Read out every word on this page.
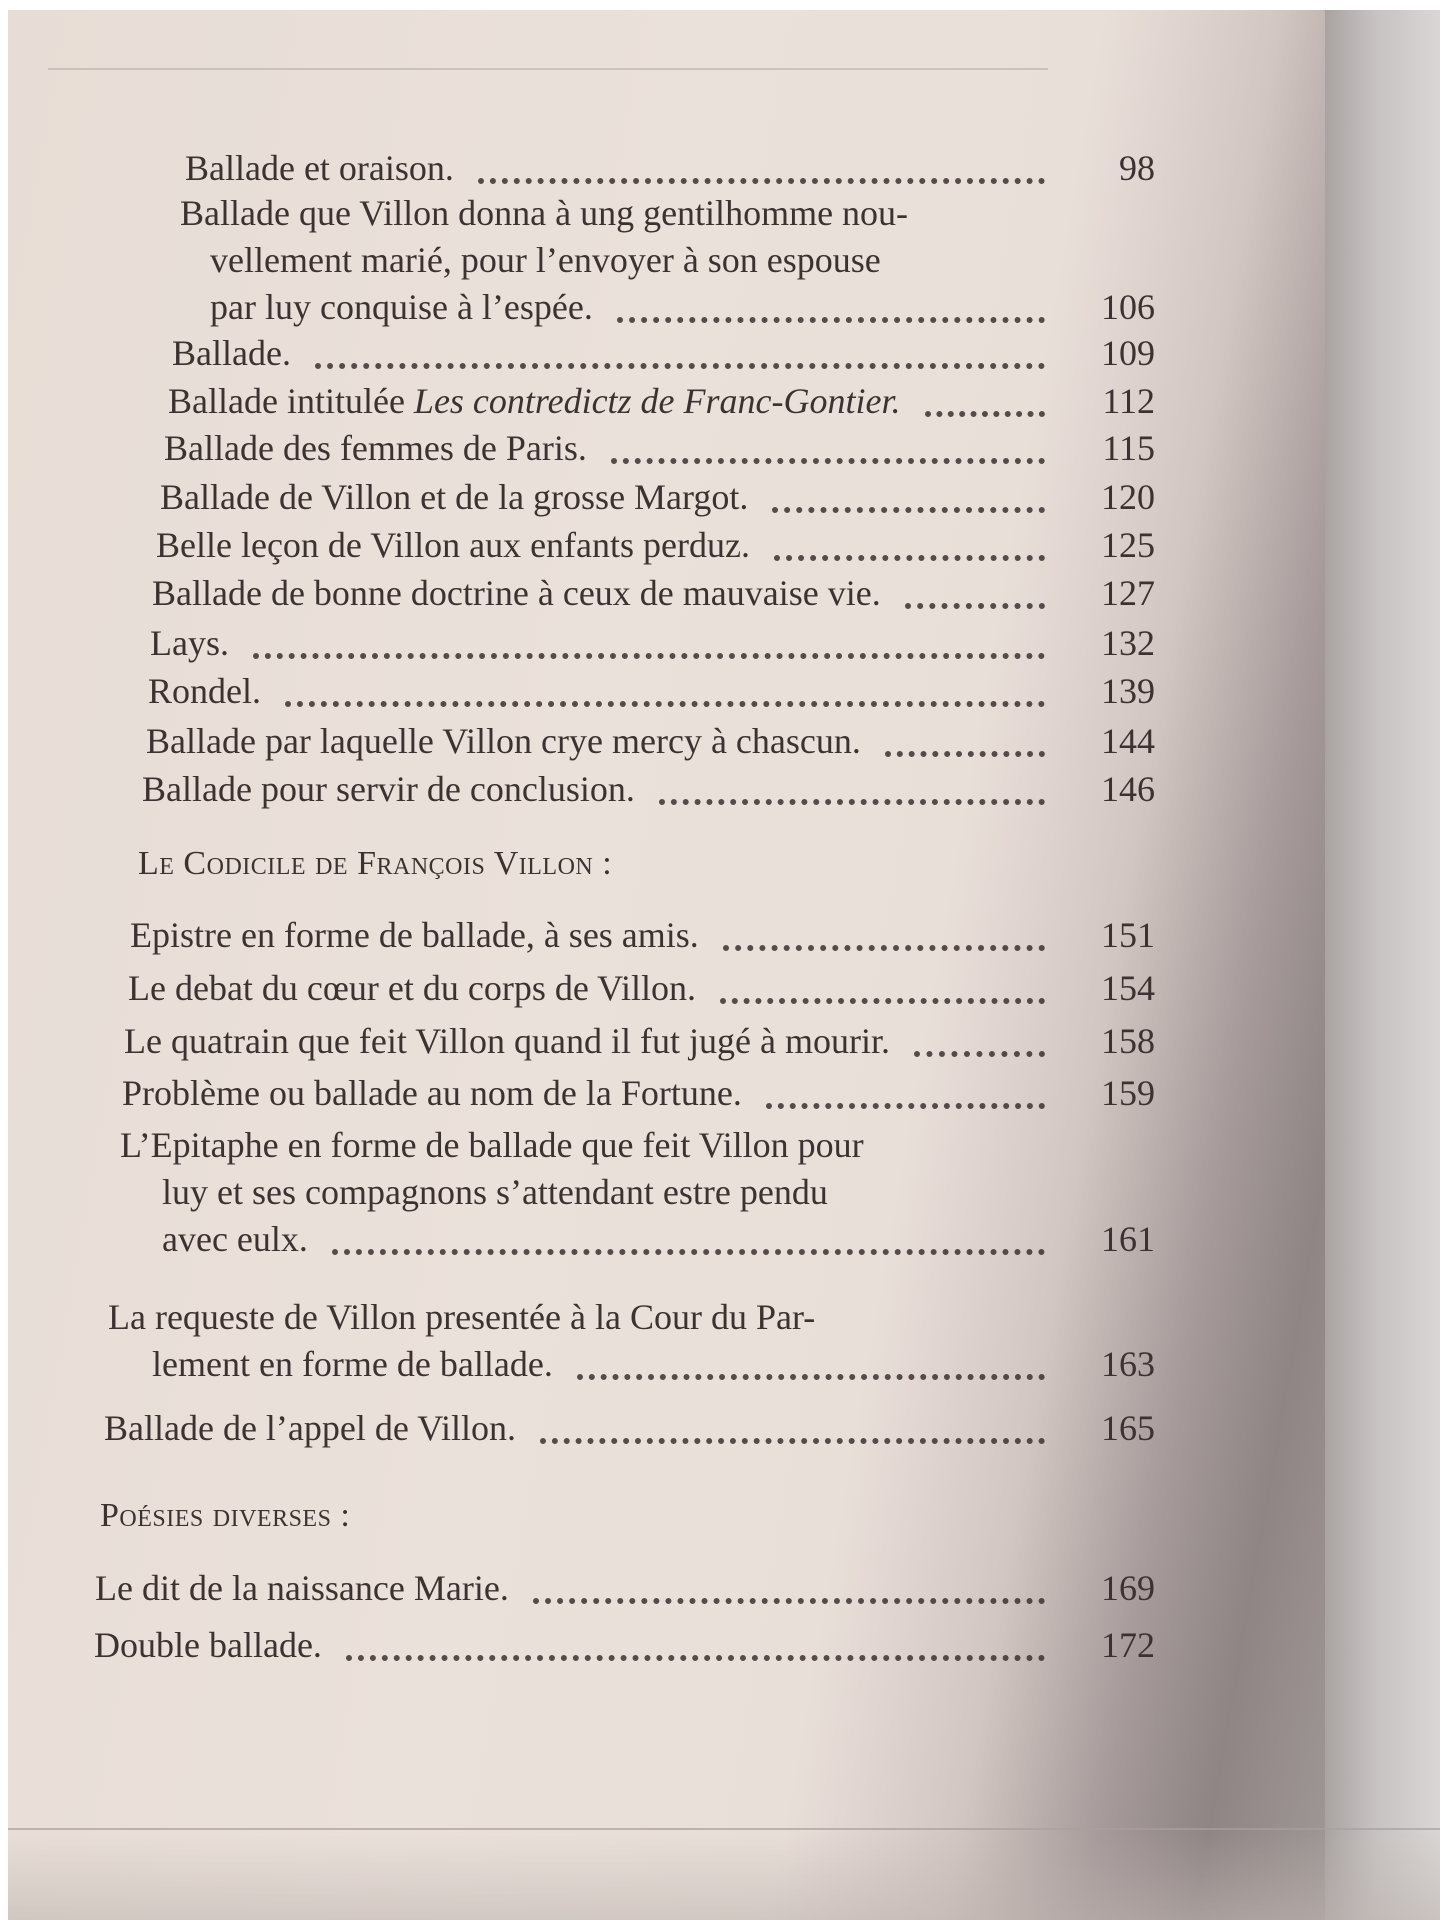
Ballade et oraison.	98
Ballade que Villon donna à ung gentilhomme nou-
vellement marié, pour l’envoyer à son espouse
par luy conquise à l’espée.	106
Ballade.	109
Ballade intitulée Les contredictz de Franc-Gontier.	112
Ballade des femmes de Paris.	115
Ballade de Villon et de la grosse Margot.	120
Belle leçon de Villon aux enfants perduz.	125
Ballade de bonne doctrine à ceux de mauvaise vie.	127
Lays.	132
Rondel.	139
Ballade par laquelle Villon crye mercy à chascun.	144
Ballade pour servir de conclusion.	146
Le Codicile de François Villon :
Epistre en forme de ballade, à ses amis.	151
Le debat du cœur et du corps de Villon.	154
Le quatrain que feit Villon quand il fut jugé à mourir.	158
Problème ou ballade au nom de la Fortune.	159
L’Epitaphe en forme de ballade que feit Villon pour
luy et ses compagnons s’attendant estre pendu
avec eulx.	161
La requeste de Villon presentée à la Cour du Par-
lement en forme de ballade.	163
Ballade de l’appel de Villon.	165
Poésies diverses :
Le dit de la naissance Marie.	169
Double ballade.	172
